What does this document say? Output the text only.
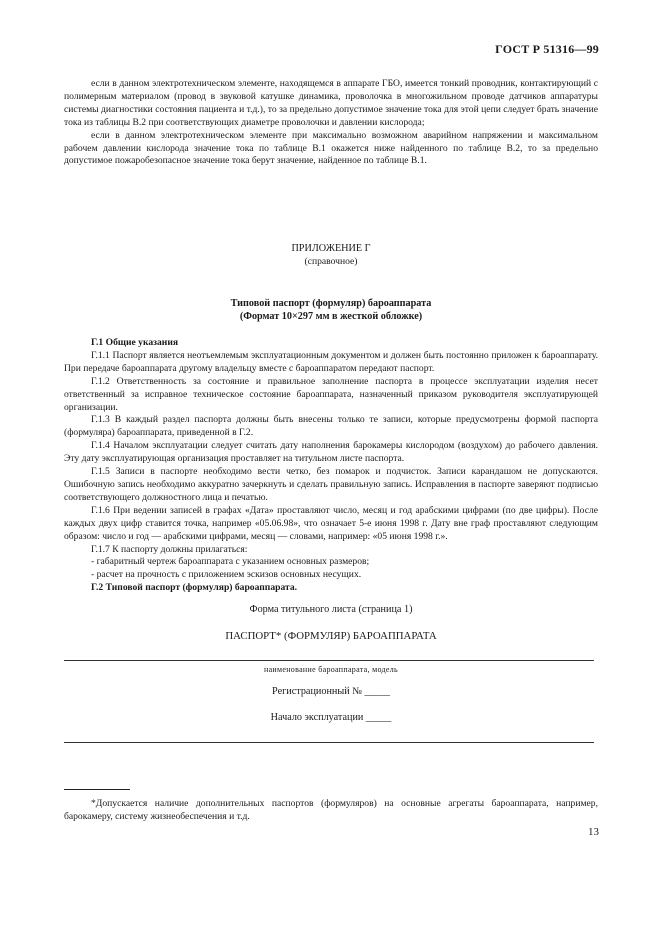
ГОСТ Р 51316—99

если в данном электротехническом элементе, находящемся в аппарате ГБО, имеется тонкий проводник, контактирующий с полимерным материалом (провод в звуковой катушке динамика, проволочка в многожильном проводе датчиков аппаратуры системы диагностики состояния пациента и т.д.), то за предельно допустимое значение тока для этой цепи следует брать значение тока из таблицы В.2 при соответствующих диаметре проволочки и давлении кислорода;

если в данном электротехническом элементе при максимально возможном аварийном напряжении и максимальном рабочем давлении кислорода значение тока по таблице В.1 окажется ниже найденного по таблице В.2, то за предельно допустимое пожаробезопасное значение тока берут значение, найденное по таблице В.1.

ПРИЛОЖЕНИЕ Г
(справочное)
Типовой паспорт (формуляр) бароаппарата
(Формат 10×297 мм в жесткой обложке)

Г.1 Общие указания

Г.1.1 Паспорт является неотъемлемым эксплуатационным документом и должен быть постоянно приложен к бароаппарату. При передаче бароаппарата другому владельцу вместе с бароаппаратом передают паспорт.

Г.1.2 Ответственность за состояние и правильное заполнение паспорта в процессе эксплуатации изделия несет ответственный за исправное техническое состояние бароаппарата, назначенный приказом руководителя эксплуатирующей организации.

Г.1.3 В каждый раздел паспорта должны быть внесены только те записи, которые предусмотрены формой паспорта (формуляра) бароаппарата, приведенной в Г.2.

Г.1.4 Началом эксплуатации следует считать дату наполнения барокамеры кислородом (воздухом) до рабочего давления. Эту дату эксплуатирующая организация проставляет на титульном листе паспорта.

Г.1.5 Записи в паспорте необходимо вести четко, без помарок и подчисток. Записи карандашом не допускаются. Ошибочную запись необходимо аккуратно зачеркнуть и сделать правильную запись. Исправления в паспорте заверяют подписью соответствующего должностного лица и печатью.

Г.1.6 При ведении записей в графах «Дата» проставляют число, месяц и год арабскими цифрами (по две цифры). После каждых двух цифр ставится точка, например «05.06.98», что означает 5-е июня 1998 г. Дату вне граф проставляют следующим образом: число и год — арабскими цифрами, месяц — словами, например: «05 июня 1998 г.».

Г.1.7 К паспорту должны прилагаться:

- габаритный чертеж бароаппарата с указанием основных размеров;

- расчет на прочность с приложением эскизов основных несущих.

Г.2 Типовой паспорт (формуляр) бароаппарата.

Форма титульного листа (страница 1)
ПАСПОРТ* (ФОРМУЛЯР) БАРОАППАРАТА
наименование бароаппарата, модель
Регистрационный № _____
Начало эксплуатации _____

*Допускается наличие дополнительных паспортов (формуляров) на основные агрегаты бароаппарата, например, барокамеру, систему жизнеобеспечения и т.д.

13
